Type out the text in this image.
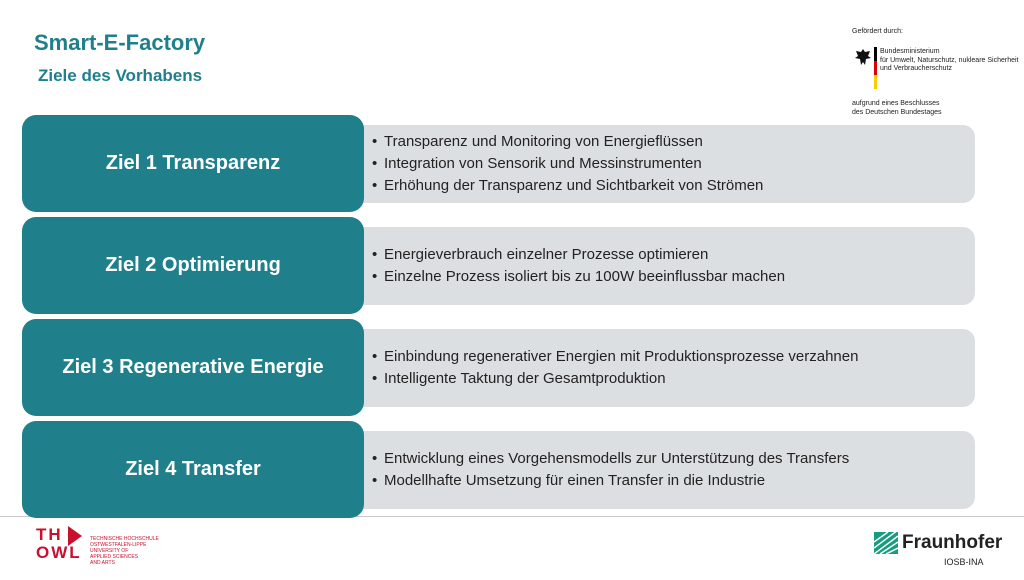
Smart-E-Factory
Ziele des Vorhabens
Gefördert durch:
Bundesministerium
für Umwelt, Naturschutz, nukleare Sicherheit
und Verbraucherschutz
aufgrund eines Beschlusses
des Deutschen Bundestages
Ziel 1 Transparenz
• Transparenz und Monitoring von Energieflüssen
• Integration von Sensorik und Messinstrumenten
• Erhöhung der Transparenz und Sichtbarkeit von Strömen
Ziel 2 Optimierung	• Energieverbrauch einzelner Prozesse optimieren
• Einzelne Prozess isoliert bis zu 100W beeinflussbar machen
Ziel 3 Regenerative Energie	• Einbindung regenerativer Energien mit Produktionsprozesse verzahnen
• Intelligente Taktung der Gesamtproduktion
Ziel 4 Transfer	• Entwicklung eines Vorgehensmodells zur Unterstützung des Transfers
• Modellhafte Umsetzung für einen Transfer in die Industrie
TH
OWL
TECHNISCHE HOCHSCHULE
OSTWESTFALEN-LIPPE
UNIVERSITY OF
APPLIED SCIENCES
AND ARTS
Fraunhofer
IOSB-INA
